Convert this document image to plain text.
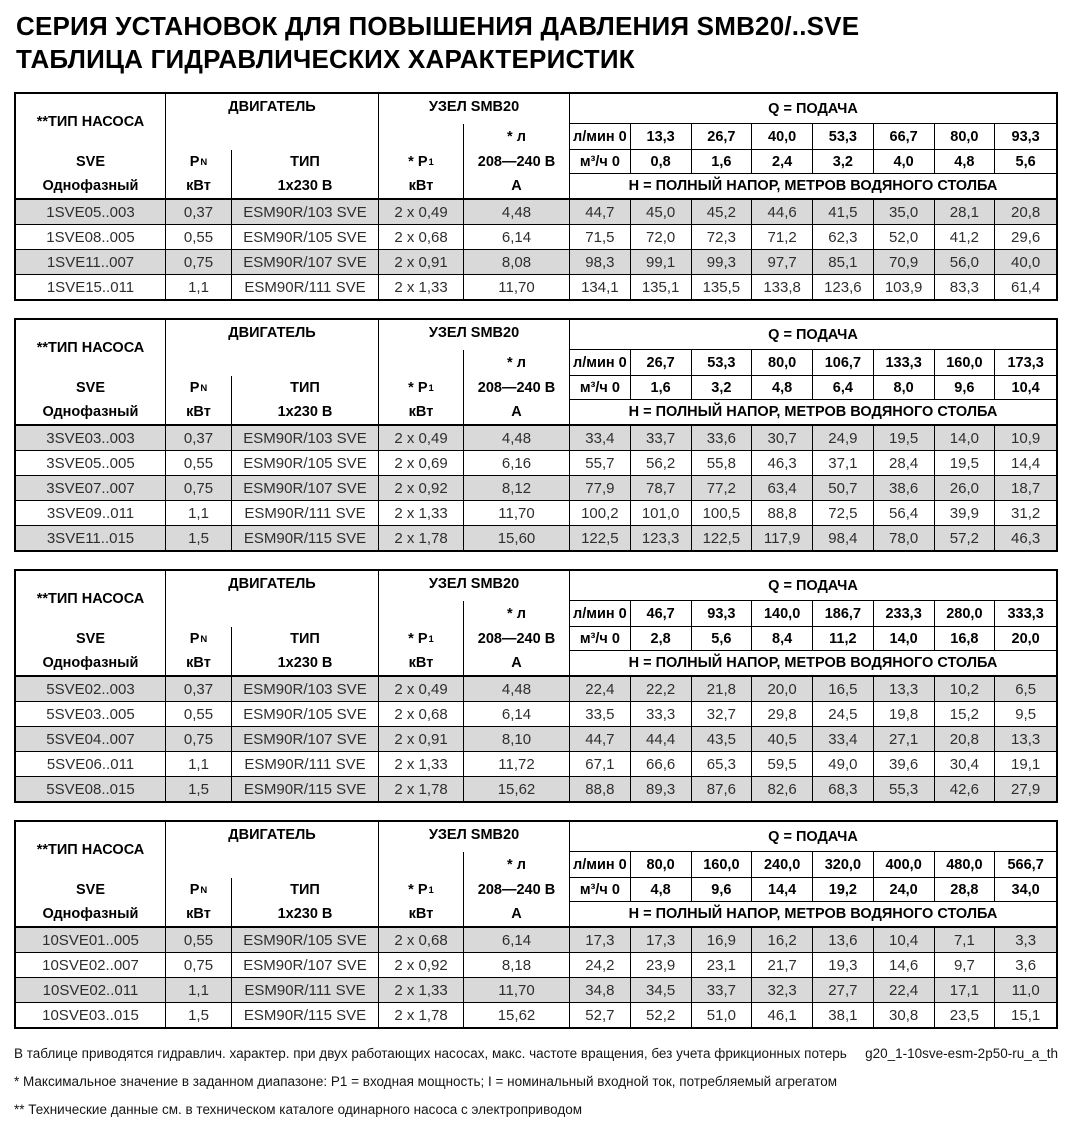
СЕРИЯ УСТАНОВОК ДЛЯ ПОВЫШЕНИЯ ДАВЛЕНИЯ SMB20/..SVE
ТАБЛИЦА ГИДРАВЛИЧЕСКИХ ХАРАКТЕРИСТИК
**ТИП НАСОСА
ДВИГАТЕЛЬ	УЗЕЛ SMB20
* л
SVE	P N	ТИП	* P 1	208—240 В
Однофазный	кВт	1x230 В	кВт	А
Q = ПОДАЧА
л/мин 0	13,3	26,7	40,0	53,3	66,7	80,0	93,3
м³/ч 0	0,8	1,6	2,4	3,2	4,0	4,8	5,6
Н = ПОЛНЫЙ НАПОР, МЕТРОВ ВОДЯНОГО СТОЛБА
1SVE05..003	0,37	ESM90R/103 SVE	2 x 0,49	4,48	44,7	45,0	45,2	44,6	41,5	35,0	28,1	20,8
1SVE08..005	0,55	ESM90R/105 SVE	2 x 0,68	6,14	71,5	72,0	72,3	71,2	62,3	52,0	41,2	29,6
1SVE11..007	0,75	ESM90R/107 SVE	2 x 0,91	8,08	98,3	99,1	99,3	97,7	85,1	70,9	56,0	40,0
1SVE15..011	1,1	ESM90R/111 SVE	2 x 1,33	11,70	134,1	135,1	135,5	133,8	123,6	103,9	83,3	61,4
**ТИП НАСОСА
ДВИГАТЕЛЬ	УЗЕЛ SMB20
* л
SVE	P N	ТИП	* P 1	208—240 В
Однофазный	кВт	1x230 В	кВт	А
Q = ПОДАЧА
л/мин 0	26,7	53,3	80,0	106,7	133,3	160,0	173,3
м³/ч 0	1,6	3,2	4,8	6,4	8,0	9,6	10,4
Н = ПОЛНЫЙ НАПОР, МЕТРОВ ВОДЯНОГО СТОЛБА
3SVE03..003	0,37	ESM90R/103 SVE	2 x 0,49	4,48	33,4	33,7	33,6	30,7	24,9	19,5	14,0	10,9
3SVE05..005	0,55	ESM90R/105 SVE	2 x 0,69	6,16	55,7	56,2	55,8	46,3	37,1	28,4	19,5	14,4
3SVE07..007	0,75	ESM90R/107 SVE	2 x 0,92	8,12	77,9	78,7	77,2	63,4	50,7	38,6	26,0	18,7
3SVE09..011	1,1	ESM90R/111 SVE	2 x 1,33	11,70	100,2	101,0	100,5	88,8	72,5	56,4	39,9	31,2
3SVE11..015	1,5	ESM90R/115 SVE	2 x 1,78	15,60	122,5	123,3	122,5	117,9	98,4	78,0	57,2	46,3
**ТИП НАСОСА
ДВИГАТЕЛЬ	УЗЕЛ SMB20
* л
SVE	P N	ТИП	* P 1	208—240 В
Однофазный	кВт	1x230 В	кВт	А
Q = ПОДАЧА
л/мин 0	46,7	93,3	140,0	186,7	233,3	280,0	333,3
м³/ч 0	2,8	5,6	8,4	11,2	14,0	16,8	20,0
Н = ПОЛНЫЙ НАПОР, МЕТРОВ ВОДЯНОГО СТОЛБА
5SVE02..003	0,37	ESM90R/103 SVE	2 x 0,49	4,48	22,4	22,2	21,8	20,0	16,5	13,3	10,2	6,5
5SVE03..005	0,55	ESM90R/105 SVE	2 x 0,68	6,14	33,5	33,3	32,7	29,8	24,5	19,8	15,2	9,5
5SVE04..007	0,75	ESM90R/107 SVE	2 x 0,91	8,10	44,7	44,4	43,5	40,5	33,4	27,1	20,8	13,3
5SVE06..011	1,1	ESM90R/111 SVE	2 x 1,33	11,72	67,1	66,6	65,3	59,5	49,0	39,6	30,4	19,1
5SVE08..015	1,5	ESM90R/115 SVE	2 x 1,78	15,62	88,8	89,3	87,6	82,6	68,3	55,3	42,6	27,9
**ТИП НАСОСА
ДВИГАТЕЛЬ	УЗЕЛ SMB20
* л
SVE	P N	ТИП	* P 1	208—240 В
Однофазный	кВт	1x230 В	кВт	А
Q = ПОДАЧА
л/мин 0	80,0	160,0	240,0	320,0	400,0	480,0	566,7
м³/ч 0	4,8	9,6	14,4	19,2	24,0	28,8	34,0
Н = ПОЛНЫЙ НАПОР, МЕТРОВ ВОДЯНОГО СТОЛБА
10SVE01..005	0,55	ESM90R/105 SVE	2 x 0,68	6,14	17,3	17,3	16,9	16,2	13,6	10,4	7,1	3,3
10SVE02..007	0,75	ESM90R/107 SVE	2 x 0,92	8,18	24,2	23,9	23,1	21,7	19,3	14,6	9,7	3,6
10SVE02..011	1,1	ESM90R/111 SVE	2 x 1,33	11,70	34,8	34,5	33,7	32,3	27,7	22,4	17,1	11,0
10SVE03..015	1,5	ESM90R/115 SVE	2 x 1,78	15,62	52,7	52,2	51,0	46,1	38,1	30,8	23,5	15,1
В таблице приводятся гидравлич. характер. при двух работающих насосах, макс. частоте вращения, без учета фрикционных потерь g20_1-10sve-esm-2p50-ru_a_th
* Максимальное значение в заданном диапазоне: P1 = входная мощность; I = номинальный входной ток, потребляемый агрегатом
** Технические данные см. в техническом каталоге одинарного насоса с электроприводом
